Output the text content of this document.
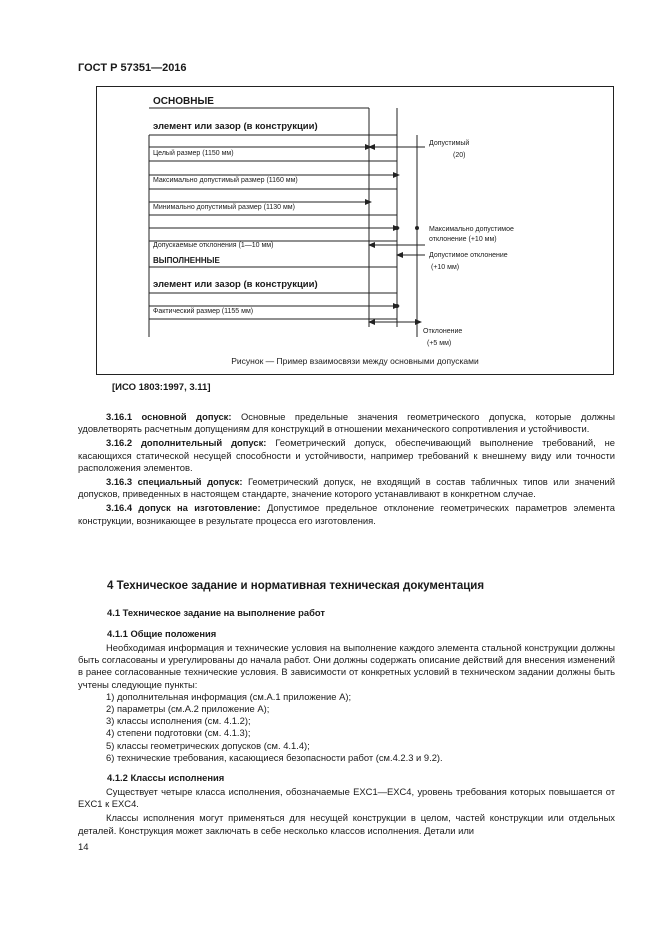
ГОСТ Р 57351—2016
ОСНОВНЫЕ
элемент или зазор (в конструкции)
Целый размер (1150 мм)
Максимально допустимый размер (1160 мм)
Минимально допустимый размер (1130 мм)
Допускаемые отклонения (1—10 мм)
ВЫПОЛНЕННЫЕ
элемент или зазор (в конструкции)
Фактический размер (1155 мм)
Допустимый
(20)
Максимально допустимое
отклонение (+10 мм)
Допустимое отклонение
(+10 мм)
Отклонение
(+5 мм)
Рисунок — Пример взаимосвязи между основными допусками
[ИСО 1803:1997, 3.11]

3.16.1 основной допуск: Основные предельные значения геометрического допуска, которые должны удовлетворять расчетным допущениям для конструкций в отношении механического сопротивления и устойчивости.

3.16.2 дополнительный допуск: Геометрический допуск, обеспечивающий выполнение требований, не касающихся статической несущей способности и устойчивости, например требований к внешнему виду или точности расположения элементов.

3.16.3 специальный допуск: Геометрический допуск, не входящий в состав табличных типов или значений допусков, приведенных в настоящем стандарте, значение которого устанавливают в конкретном случае.

3.16.4 допуск на изготовление: Допустимое предельное отклонение геометрических параметров элемента конструкции, возникающее в результате процесса его изготовления.

4 Техническое задание и нормативная техническая документация
4.1 Техническое задание на выполнение работ
4.1.1 Общие положения

Необходимая информация и технические условия на выполнение каждого элемента стальной конструкции должны быть согласованы и урегулированы до начала работ. Они должны содержать описание действий для внесения изменений в ранее согласованные технические условия. В зависимости от конкретных условий в техническом задании должны быть учтены следующие пункты:

1) дополнительная информация (см.А.1 приложение А);

2) параметры (см.А.2 приложение А);

3) классы исполнения (см. 4.1.2);

4) степени подготовки (см. 4.1.3);

5) классы геометрических допусков (см. 4.1.4);

6) технические требования, касающиеся безопасности работ (см.4.2.3 и 9.2).

4.1.2 Классы исполнения

Существует четыре класса исполнения, обозначаемые EXC1—EXC4, уровень требования которых повышается от EXC1 к EXC4.

Классы исполнения могут применяться для несущей конструкции в целом, частей конструкции или отдельных деталей. Конструкция может заключать в себе несколько классов исполнения. Детали или

14
